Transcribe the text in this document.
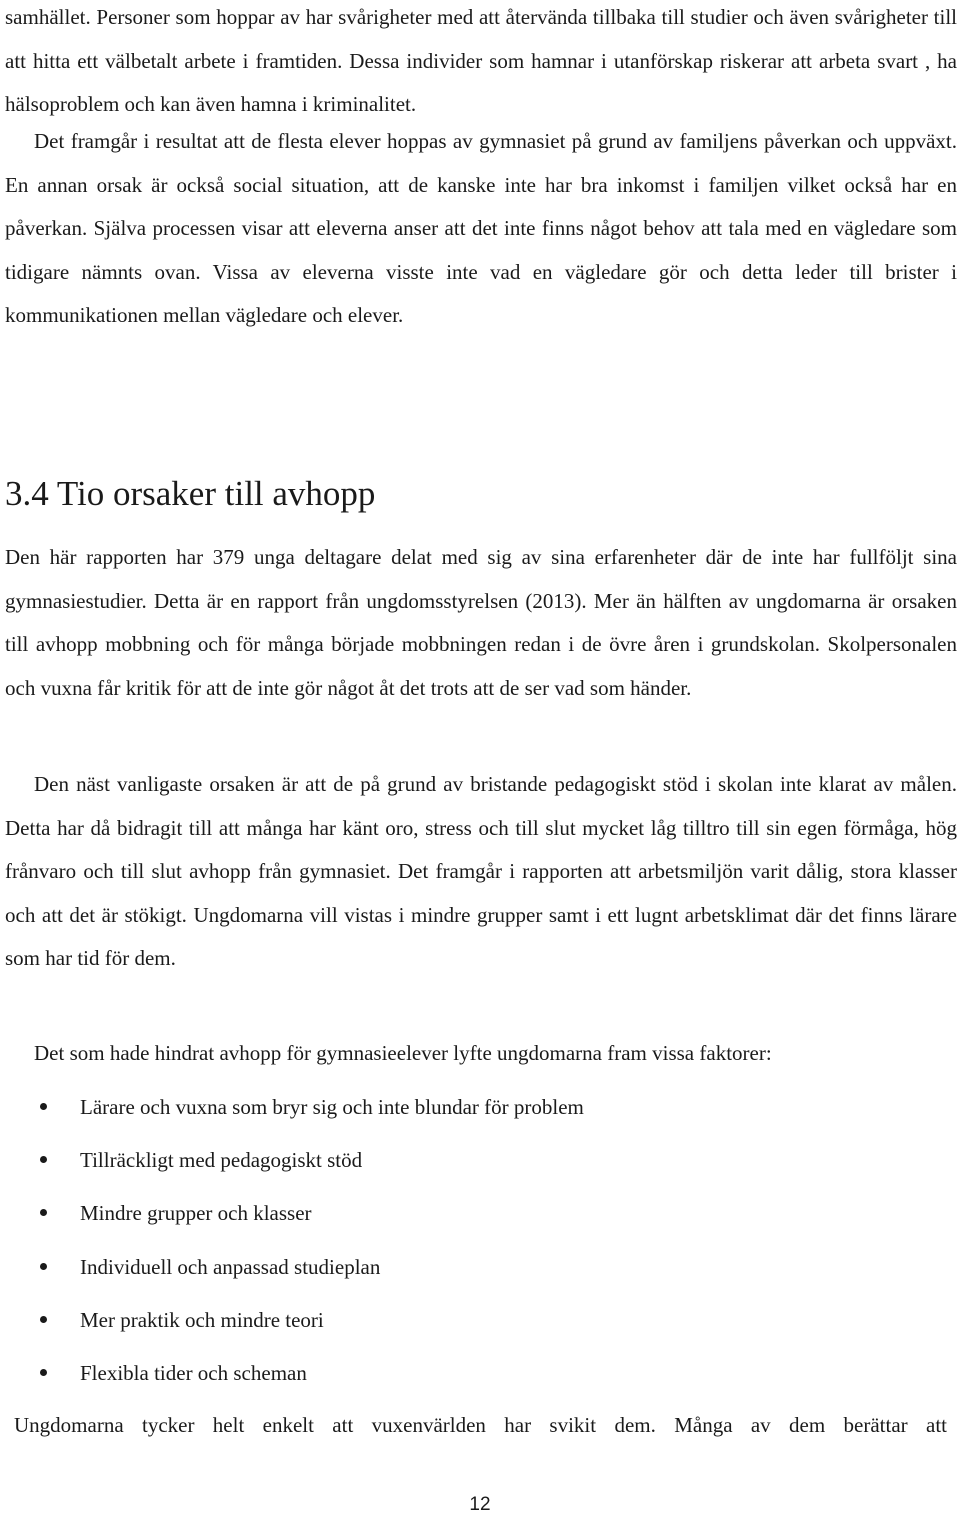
samhället. Personer som hoppar av har svårigheter med att återvända tillbaka till studier och även svårigheter till att hitta ett välbetalt arbete i framtiden. Dessa individer som hamnar i utanförskap riskerar att arbeta svart , ha hälsoproblem och kan även hamna i kriminalitet.

Det framgår i resultat att de flesta elever hoppas av gymnasiet på grund av familjens påverkan och uppväxt. En annan orsak är också social situation, att de kanske inte har bra inkomst i familjen vilket också har en påverkan. Själva processen visar att eleverna anser att det inte finns något behov att tala med en vägledare som tidigare nämnts ovan. Vissa av eleverna visste inte vad en vägledare gör och detta leder till brister i kommunikationen mellan vägledare och elever.

3.4 Tio orsaker till avhopp

Den här rapporten har 379 unga deltagare delat med sig av sina erfarenheter där de inte har fullföljt sina gymnasiestudier. Detta är en rapport från ungdomsstyrelsen (2013). Mer än hälften av ungdomarna är orsaken till avhopp mobbning och för många började mobbningen redan i de övre åren i grundskolan. Skolpersonalen och vuxna får kritik för att de inte gör något åt det trots att de ser vad som händer.

Den näst vanligaste orsaken är att de på grund av bristande pedagogiskt stöd i skolan inte klarat av målen. Detta har då bidragit till att många har känt oro, stress och till slut mycket låg tilltro till sin egen förmåga, hög frånvaro och till slut avhopp från gymnasiet. Det framgår i rapporten att arbetsmiljön varit dålig, stora klasser och att det är stökigt. Ungdomarna vill vistas i mindre grupper samt i ett lugnt arbetsklimat där det finns lärare som har tid för dem.

Det som hade hindrat avhopp för gymnasieelever lyfte ungdomarna fram vissa faktorer:

Lärare och vuxna som bryr sig och inte blundar för problem
Tillräckligt med pedagogiskt stöd
Mindre grupper och klasser
Individuell och anpassad studieplan
Mer praktik och mindre teori
Flexibla tider och scheman

Ungdomarna tycker helt enkelt att vuxenvärlden har svikit dem. Många av dem berättar att

12
